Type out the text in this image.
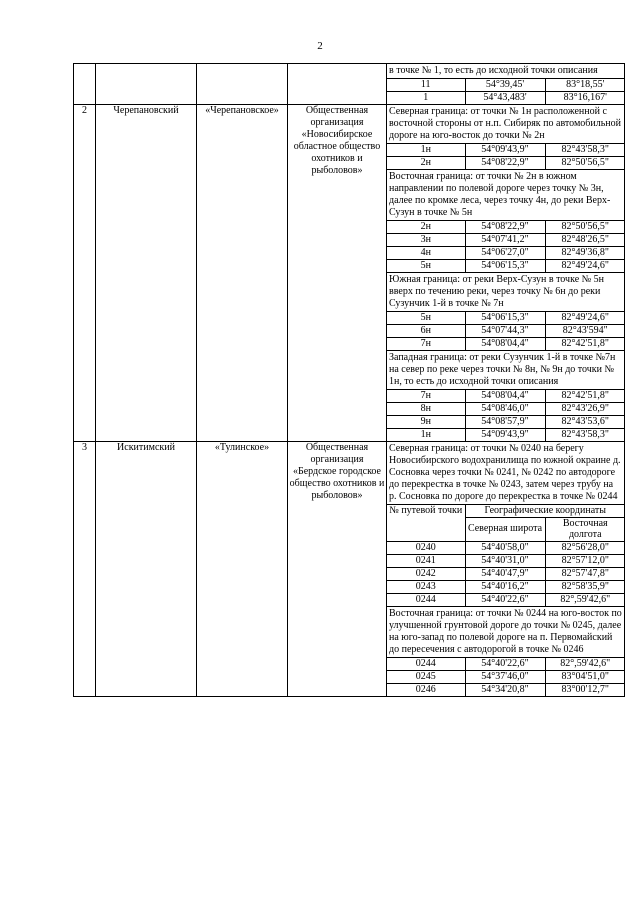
2

в точке № 1, то есть до исходной точки описания
11	54°39,45'	83°18,55'
1	54°43,483'	83°16,167'

2	Черепановский	«Черепановское»	Общественная организация «Новосибирское областное общество охотников и рыболовов»	
Северная граница: от точки № 1н расположенной с восточной стороны от н.п. Сибиряк по автомобильной дороге на юго-восток до точки № 2н
1н	54°09'43,9"	82°43'58,3"
2н	54°08'22,9"	82°50'56,5"
Восточная граница: от точки № 2н в южном направлении по полевой дороге через точку № 3н, далее по кромке леса, через точку 4н, до реки Верх-Сузун в точке № 5н
2н	54°08'22,9"	82°50'56,5"
3н	54°07'41,2"	82°48'26,5"
4н	54°06'27,0"	82°49'36,8"
5н	54°06'15,3"	82°49'24,6"
Южная граница: от реки Верх-Сузун в точке № 5н вверх по течению реки, через точку № 6н до реки Сузунчик 1-й в точке № 7н
5н	54°06'15,3"	82°49'24,6"
6н	54°07'44,3"	82°43'594"
7н	54°08'04,4"	82°42'51,8"
Западная граница: от реки Сузунчик 1-й в точке №7н на север по реке через точки № 8н, № 9н до точки № 1н, то есть до исходной точки описания
7н	54°08'04,4"	82°42'51,8"
8н	54°08'46,0"	82°43'26,9"
9н	54°08'57,9"	82°43'53,6"
1н	54°09'43,9"	82°43'58,3"

3	Искитимский	«Тулинское»	Общественная организация «Бердское городское общество охотников и рыболовов»	
Северная граница: от точки № 0240 на берегу Новосибирского водохранилища по южной окраине д. Сосновка через точки № 0241, № 0242 по автодороге до перекрестка в точке № 0243, затем через трубу на р. Сосновка по дороге до перекрестка в точке № 0244
№ путевой точки	Географические координаты
Северная широта	Восточная долгота
0240	54°40'58,0"	82°56'28,0"
0241	54°40'31,0"	82°57'12,0"
0242	54°40'47,9"	82°57'47,8"
0243	54°40'16,2"	82°58'35,9"
0244	54°40'22,6"	82°,59'42,6"
Восточная граница: от точки № 0244 на юго-восток по улучшенной грунтовой дороге до точки № 0245, далее на юго-запад по полевой дороге на п. Первомайский до пересечения с автодорогой в точке № 0246
0244	54°40'22,6"	82°,59'42,6"
0245	54°37'46,0"	83°04'51,0"
0246	54°34'20,8"	83°00'12,7"
